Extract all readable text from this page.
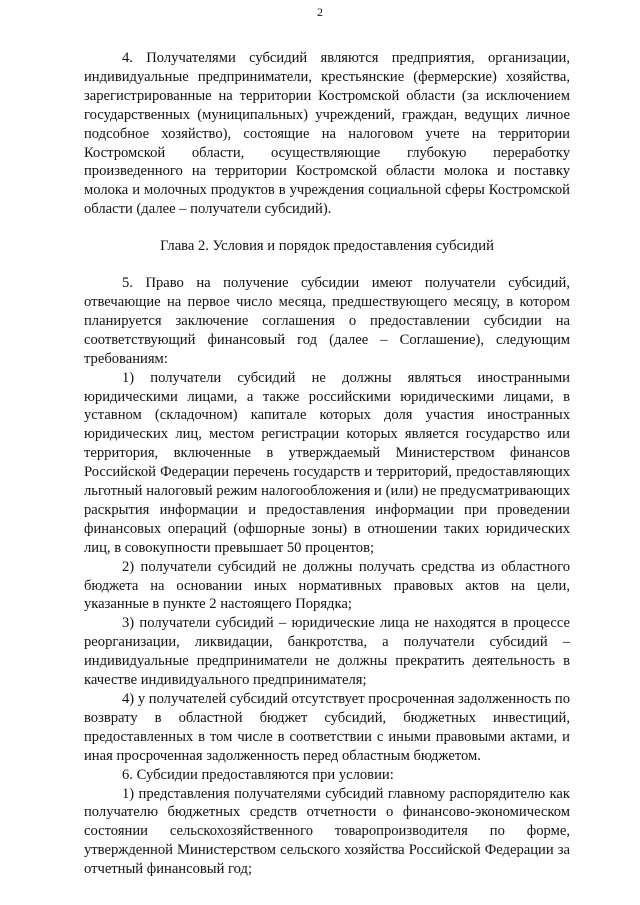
2

4. Получателями субсидий являются предприятия, организации, индивидуальные предприниматели, крестьянские (фермерские) хозяйства, зарегистрированные на территории Костромской области (за исключением государственных (муниципальных) учреждений, граждан, ведущих личное подсобное хозяйство), состоящие на налоговом учете на территории Костромской области, осуществляющие глубокую переработку произведенного на территории Костромской области молока и поставку молока и молочных продуктов в учреждения социальной сферы Костромской области (далее – получатели субсидий).

Глава 2. Условия и порядок предоставления субсидий

5. Право на получение субсидии имеют получатели субсидий, отвечающие на первое число месяца, предшествующего месяцу, в котором планируется заключение соглашения о предоставлении субсидии на соответствующий финансовый год (далее – Соглашение), следующим требованиям:

1) получатели субсидий не должны являться иностранными юридическими лицами, а также российскими юридическими лицами, в уставном (складочном) капитале которых доля участия иностранных юридических лиц, местом регистрации которых является государство или территория, включенные в утверждаемый Министерством финансов Российской Федерации перечень государств и территорий, предоставляющих льготный налоговый режим налогообложения и (или) не предусматривающих раскрытия информации и предоставления информации при проведении финансовых операций (офшорные зоны) в отношении таких юридических лиц, в совокупности превышает 50 процентов;

2) получатели субсидий не должны получать средства из областного бюджета на основании иных нормативных правовых актов на цели, указанные в пункте 2 настоящего Порядка;

3) получатели субсидий – юридические лица не находятся в процессе реорганизации, ликвидации, банкротства, а получатели субсидий – индивидуальные предприниматели не должны прекратить деятельность в качестве индивидуального предпринимателя;

4) у получателей субсидий отсутствует просроченная задолженность по возврату в областной бюджет субсидий, бюджетных инвестиций, предоставленных в том числе в соответствии с иными правовыми актами, и иная просроченная задолженность перед областным бюджетом.

6. Субсидии предоставляются при условии:

1) представления получателями субсидий главному распорядителю как получателю бюджетных средств отчетности о финансово-экономическом состоянии сельскохозяйственного товаропроизводителя по форме, утвержденной Министерством сельского хозяйства Российской Федерации за отчетный финансовый год;
